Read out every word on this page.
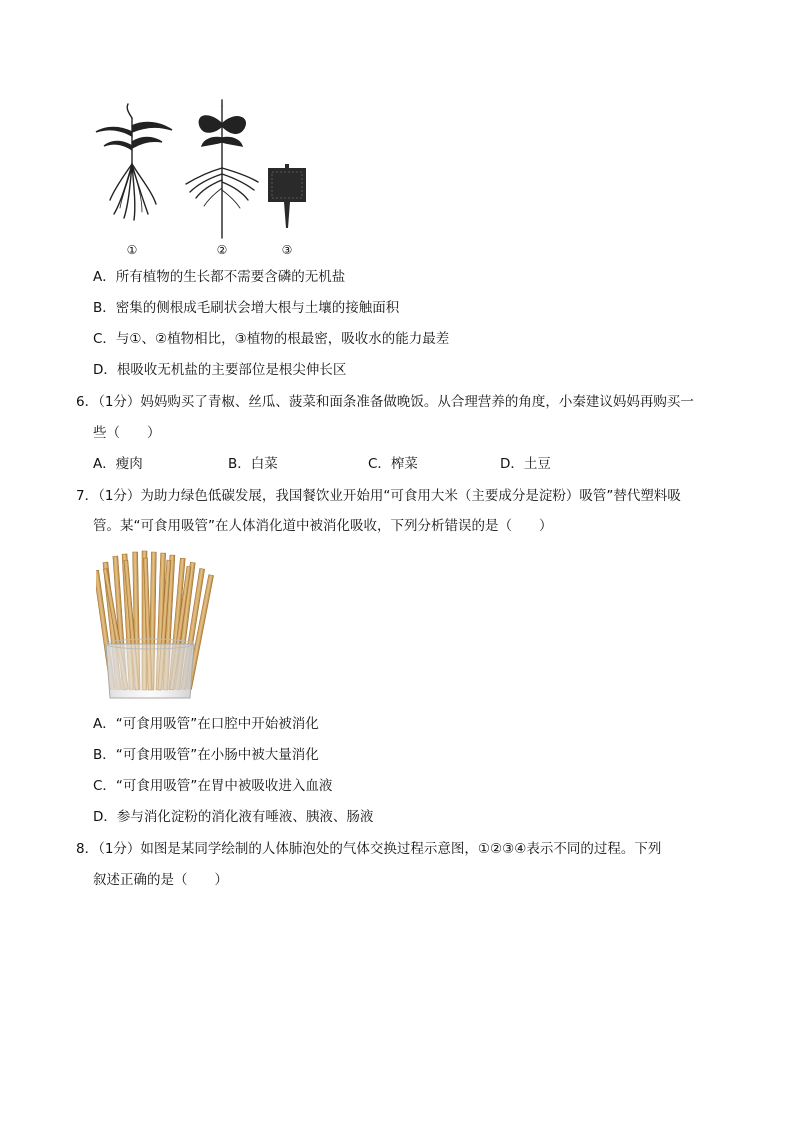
①	②	③
A．所有植物的生长都不需要含磷的无机盐
B．密集的侧根成毛刷状会增大根与土壤的接触面积
C．与①、②植物相比，③植物的根最密，吸收水的能力最差
D．根吸收无机盐的主要部位是根尖伸长区
6．（1分）妈妈购买了青椒、丝瓜、菠菜和面条准备做晚饭。从合理营养的角度，小秦建议妈妈再购买一
些（　　）
A．瘦肉	B．白菜	C．榨菜	D．土豆
7．（1分）为助力绿色低碳发展，我国餐饮业开始用“可食用大米（主要成分是淀粉）吸管”替代塑料吸
管。某“可食用吸管”在人体消化道中被消化吸收，下列分析错误的是（　　）
A．“可食用吸管”在口腔中开始被消化
B．“可食用吸管”在小肠中被大量消化
C．“可食用吸管”在胃中被吸收进入血液
D．参与消化淀粉的消化液有唾液、胰液、肠液
8．（1分）如图是某同学绘制的人体肺泡处的气体交换过程示意图，①②③④表示不同的过程。下列
叙述正确的是（　　）
